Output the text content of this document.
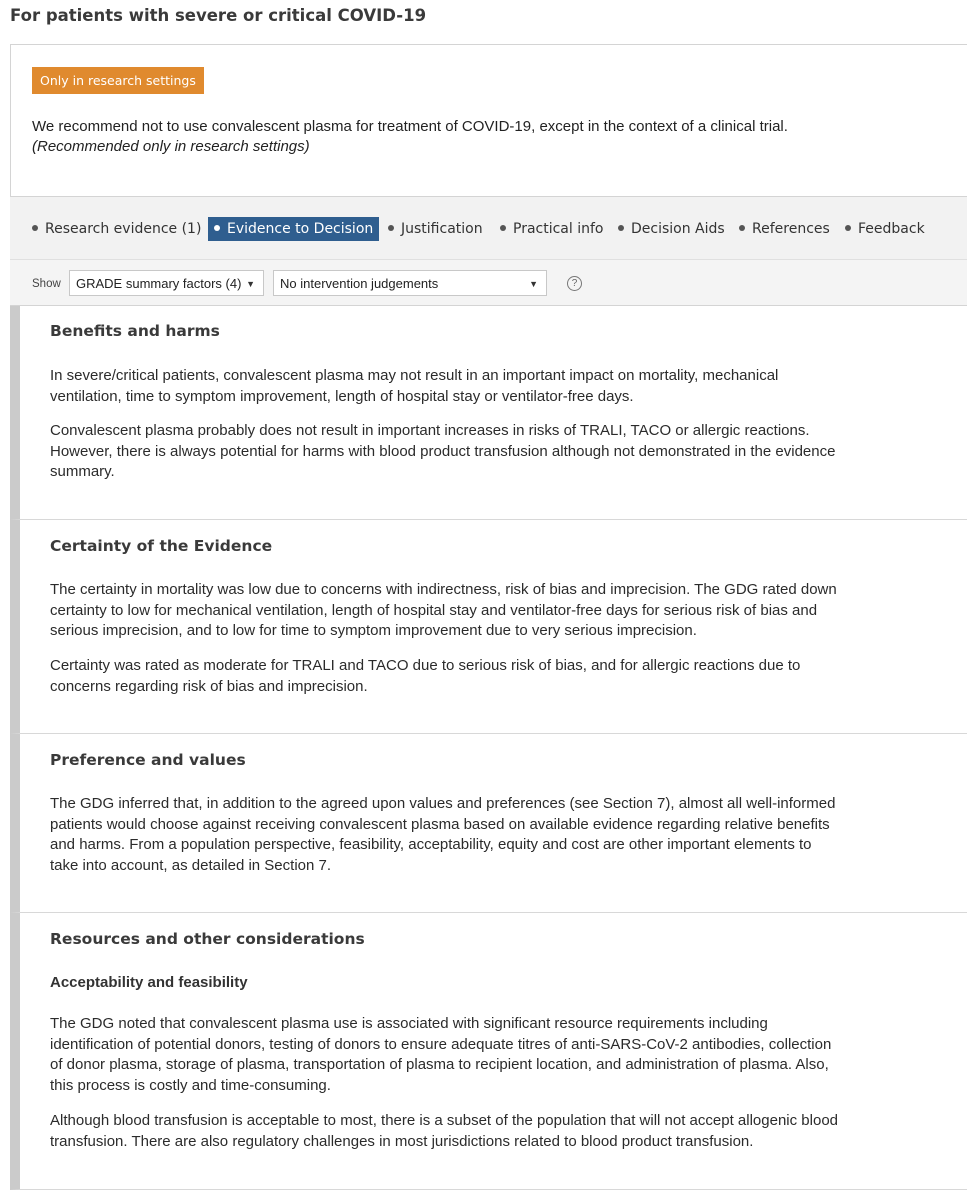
For patients with severe or critical COVID-19
Only in research settings
We recommend not to use convalescent plasma for treatment of COVID-19, except in the context of a clinical trial.
(Recommended only in research settings)
Research evidence (1)	Evidence to Decision	Justification	Practical info	Decision Aids	References	Feedback
Show	GRADE summary factors (4) ▼	No intervention judgements	▼	?
Benefits and harms

In severe/critical patients, convalescent plasma may not result in an important impact on mortality, mechanical ventilation, time to symptom improvement, length of hospital stay or ventilator-free days.

Convalescent plasma probably does not result in important increases in risks of TRALI, TACO or allergic reactions. However, there is always potential for harms with blood product transfusion although not demonstrated in the evidence summary.

Certainty of the Evidence

The certainty in mortality was low due to concerns with indirectness, risk of bias and imprecision. The GDG rated down certainty to low for mechanical ventilation, length of hospital stay and ventilator-free days for serious risk of bias and serious imprecision, and to low for time to symptom improvement due to very serious imprecision.

Certainty was rated as moderate for TRALI and TACO due to serious risk of bias, and for allergic reactions due to concerns regarding risk of bias and imprecision.

Preference and values

The GDG inferred that, in addition to the agreed upon values and preferences (see Section 7), almost all well-informed patients would choose against receiving convalescent plasma based on available evidence regarding relative benefits and harms. From a population perspective, feasibility, acceptability, equity and cost are other important elements to take into account, as detailed in Section 7.

Resources and other considerations
Acceptability and feasibility

The GDG noted that convalescent plasma use is associated with significant resource requirements including identification of potential donors, testing of donors to ensure adequate titres of anti-SARS-CoV-2 antibodies, collection of donor plasma, storage of plasma, transportation of plasma to recipient location, and administration of plasma. Also, this process is costly and time-consuming.

Although blood transfusion is acceptable to most, there is a subset of the population that will not accept allogenic blood transfusion. There are also regulatory challenges in most jurisdictions related to blood product transfusion.
